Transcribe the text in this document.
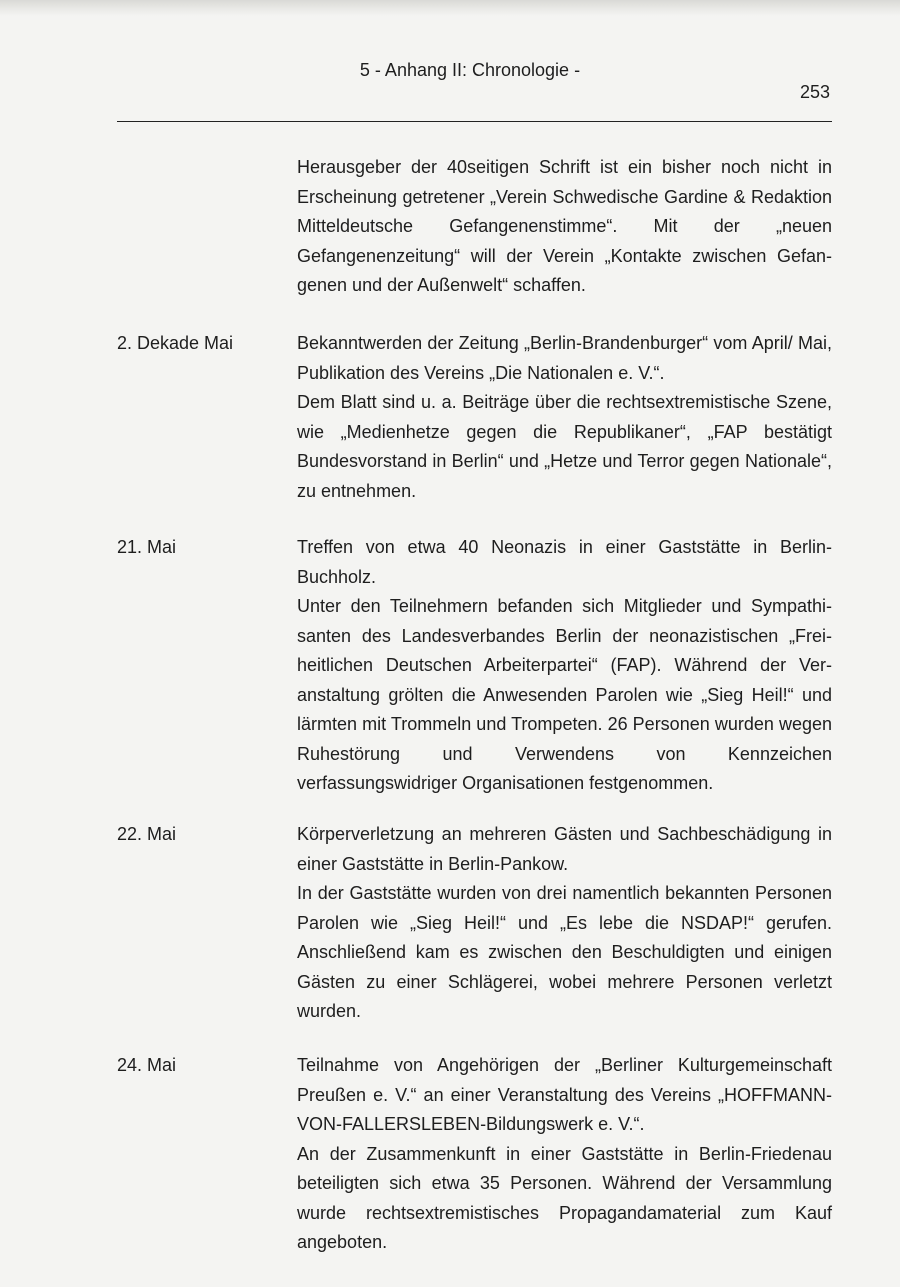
5 - Anhang II: Chronologie -
253

Herausgeber der 40seitigen Schrift ist ein bisher noch nicht in Erscheinung getretener „Verein Schwedische Gardine & Redaktion Mitteldeutsche Gefangenenstimme“. Mit der „neuen Gefangenenzeitung“ will der Verein „Kontakte zwischen Gefangenen und der Außenwelt“ schaffen.

2. Dekade Mai	Bekanntwerden der Zeitung „Berlin-Brandenburger“ vom April/ Mai, Publikation des Vereins „Die Nationalen e. V.“.

Dem Blatt sind u. a. Beiträge über die rechtsextremistische Szene, wie „Medienhetze gegen die Republikaner“, „FAP bestätigt Bundesvorstand in Berlin“ und „Hetze und Terror gegen Nationale“, zu entnehmen.

21. Mai	Treffen von etwa 40 Neonazis in einer Gaststätte in Berlin-Buchholz.

Unter den Teilnehmern befanden sich Mitglieder und Sympathisanten des Landesverbandes Berlin der neonazistischen „Freiheitlichen Deutschen Arbeiterpartei“ (FAP). Während der Veranstaltung grölten die Anwesenden Parolen wie „Sieg Heil!“ und lärmten mit Trommeln und Trompeten. 26 Personen wurden wegen Ruhestörung und Verwendens von Kennzeichen verfassungswidriger Organisationen festgenommen.

22. Mai	Körperverletzung an mehreren Gästen und Sachbeschädigung in einer Gaststätte in Berlin-Pankow.

In der Gaststätte wurden von drei namentlich bekannten Personen Parolen wie „Sieg Heil!“ und „Es lebe die NSDAP!“ gerufen. Anschließend kam es zwischen den Beschuldigten und einigen Gästen zu einer Schlägerei, wobei mehrere Personen verletzt wurden.

24. Mai	Teilnahme von Angehörigen der „Berliner Kulturgemeinschaft Preußen e. V.“ an einer Veranstaltung des Vereins „HOFFMANN-VON-FALLERSLEBEN-Bildungswerk e. V.“.

An der Zusammenkunft in einer Gaststätte in Berlin-Friedenau beteiligten sich etwa 35 Personen. Während der Versammlung wurde rechtsextremistisches Propagandamaterial zum Kauf angeboten.
